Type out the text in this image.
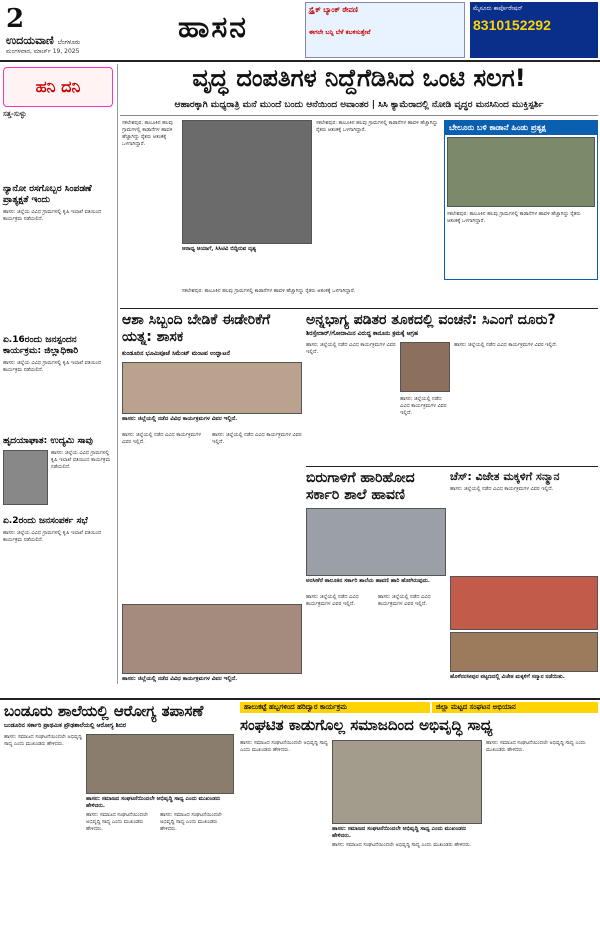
2
ಉದಯವಾಣಿ ಬೆಂಗಳೂರು
ಮಂಗಳವಾರ, ಮಾರ್ಚ್ 19, 2025
ಹಾಸನ	ಸ್ಟ್ರೈಕ್‌ ಬ್ಯಾಂಕ್ ಠೇವಣಿ
ಈಗಲೇ ಬನ್ನಿ ಬೆಳೆ ಕಬಳಿಸುತ್ತೇವೆ
ಮೈಸೂರು ಕಾರ್ಪೊರೇಷನ್
8310152292
ಹನಿ ದನಿ
ಸತ್ತ-ಸುಳ್ಳು
ನ್ಯಾನೋ ರಸಗೊಬ್ಬರ ಸಿಂಪಡಣೆ ಪ್ರಾತ್ಯಕ್ಷತೆ ಇಂದು
ಹಾಸನ: ಜಿಲ್ಲೆಯ ವಿವಿಧ ಗ್ರಾಮಗಳಲ್ಲಿ ಕೃಷಿ ಇಲಾಖೆ ವತಿಯಿಂದ ಕಾರ್ಯಕ್ರಮ ನಡೆಯಲಿದೆ.
ಏ.16ರಂದು ಜನಸ್ಪಂದನ ಕಾರ್ಯಕ್ರಮ: ಜಿಲ್ಲಾಧಿಕಾರಿ
ಹಾಸನ: ಜಿಲ್ಲೆಯ ವಿವಿಧ ಗ್ರಾಮಗಳಲ್ಲಿ ಕೃಷಿ ಇಲಾಖೆ ವತಿಯಿಂದ ಕಾರ್ಯಕ್ರಮ ನಡೆಯಲಿದೆ.
ಹೃದಯಾಘಾತ: ಉದ್ಯಮಿ ಸಾವು
ಹಾಸನ: ಜಿಲ್ಲೆಯ ವಿವಿಧ ಗ್ರಾಮಗಳಲ್ಲಿ ಕೃಷಿ ಇಲಾಖೆ ವತಿಯಿಂದ ಕಾರ್ಯಕ್ರಮ ನಡೆಯಲಿದೆ.
ಏ.2ರಂದು ಜನಸಂಪರ್ಕ ಸಭೆ
ಹಾಸನ: ಜಿಲ್ಲೆಯ ವಿವಿಧ ಗ್ರಾಮಗಳಲ್ಲಿ ಕೃಷಿ ಇಲಾಖೆ ವತಿಯಿಂದ ಕಾರ್ಯಕ್ರಮ ನಡೆಯಲಿದೆ.
ವೃದ್ಧ ದಂಪತಿಗಳ ನಿದ್ದೆಗೆಡಿಸಿದ ಒಂಟಿ ಸಲಗ!
ಆಹಾರಕ್ಕಾಗಿ ಮಧ್ಯರಾತ್ರಿ ಮನೆ ಮುಂದೆ ಬಂದು ಆನೆಯಿಂದ ಅವಾಂತರ | ಸಿಸಿ ಕ್ಯಾಮೆರಾದಲ್ಲಿ ನೋಡಿ ವೃದ್ಧರ ಮನಸಿನಿಂದ ಮುಕ್ತಿಸ್ಪರ್ಶಿ
ಸಕಲೇಶಪುರ: ತಾಲೂಕಿನ ಹಲವು ಗ್ರಾಮಗಳಲ್ಲಿ ಕಾಡಾನೆಗಳ ಹಾವಳಿ ಹೆಚ್ಚಾಗಿದ್ದು ರೈತರು ಆತಂಕಕ್ಕೆ ಒಳಗಾಗಿದ್ದಾರೆ.
ಸಕಲೇಶಪುರ: ತಾಲೂಕಿನ ಹಲವು ಗ್ರಾಮಗಳಲ್ಲಿ ಕಾಡಾನೆಗಳ ಹಾವಳಿ ಹೆಚ್ಚಾಗಿದ್ದು ರೈತರು ಆತಂಕಕ್ಕೆ ಒಳಗಾಗಿದ್ದಾರೆ.
ಆರಾಧ್ಯ ಆಯಾಗೆ, ಸಿಸಿಟಿವಿ ಬಿದ್ದಿರುವ ದೃಶ್ಯ
ಬೇಲೂರು ಬಳಿ ಕಾಡಾನೆ ಹಿಂಡು ಪ್ರತ್ಯಕ್ಷ
ಸಕಲೇಶಪುರ: ತಾಲೂಕಿನ ಹಲವು ಗ್ರಾಮಗಳಲ್ಲಿ ಕಾಡಾನೆಗಳ ಹಾವಳಿ ಹೆಚ್ಚಾಗಿದ್ದು ರೈತರು ಆತಂಕಕ್ಕೆ ಒಳಗಾಗಿದ್ದಾರೆ.
ಸಕಲೇಶಪುರ: ತಾಲೂಕಿನ ಹಲವು ಗ್ರಾಮಗಳಲ್ಲಿ ಕಾಡಾನೆಗಳ ಹಾವಳಿ ಹೆಚ್ಚಾಗಿದ್ದು ರೈತರು ಆತಂಕಕ್ಕೆ ಒಳಗಾಗಿದ್ದಾರೆ.
ಆಶಾ ಸಿಬ್ಬಂದಿ ಬೇಡಿಕೆ ಈಡೇರಿಕೆಗೆ ಯತ್ನ: ಶಾಸಕ
ಕುಂಡೂರಿನ ಭೂಮಿಪೂಜೆ ಸಿಮೆಂಟ್ ಮಂಟಪ ಉದ್ಘಾಟನೆ
ಹಾಸನ: ಜಿಲ್ಲೆಯಲ್ಲಿ ನಡೆದ ವಿವಿಧ ಕಾರ್ಯಕ್ರಮಗಳ ವಿವರ ಇಲ್ಲಿದೆ.
ಹಾಸನ: ಜಿಲ್ಲೆಯಲ್ಲಿ ನಡೆದ ವಿವಿಧ ಕಾರ್ಯಕ್ರಮಗಳ ವಿವರ ಇಲ್ಲಿದೆ.
ಹಾಸನ: ಜಿಲ್ಲೆಯಲ್ಲಿ ನಡೆದ ವಿವಿಧ ಕಾರ್ಯಕ್ರಮಗಳ ವಿವರ ಇಲ್ಲಿದೆ.
ಹಾಸನ: ಜಿಲ್ಲೆಯಲ್ಲಿ ನಡೆದ ವಿವಿಧ ಕಾರ್ಯಕ್ರಮಗಳ ವಿವರ ಇಲ್ಲಿದೆ.
ಅನ್ನಭಾಗ್ಯ ಪಡಿತರ ತೂಕದಲ್ಲಿ ವಂಚನೆ: ಸಿಎಂಗೆ ದೂರು?
ಶಿರಸ್ತೇದಾರ್/ಗೋದಾಮಿನ ವಿರುದ್ಧ ಕಾನೂನು ಕ್ರಮಕ್ಕೆ ಆಗ್ರಹ
ಹಾಸನ: ಜಿಲ್ಲೆಯಲ್ಲಿ ನಡೆದ ವಿವಿಧ ಕಾರ್ಯಕ್ರಮಗಳ ವಿವರ ಇಲ್ಲಿದೆ.
ಹಾಸನ: ಜಿಲ್ಲೆಯಲ್ಲಿ ನಡೆದ ವಿವಿಧ ಕಾರ್ಯಕ್ರಮಗಳ ವಿವರ ಇಲ್ಲಿದೆ.
ಹಾಸನ: ಜಿಲ್ಲೆಯಲ್ಲಿ ನಡೆದ ವಿವಿಧ ಕಾರ್ಯಕ್ರಮಗಳ ವಿವರ ಇಲ್ಲಿದೆ.
ಬಿರುಗಾಳಿಗೆ ಹಾರಿಹೋದ ಸರ್ಕಾರಿ ಶಾಲೆ ಹಾವಣಿ
ಅರಸೀಕೆರೆ ತಾಲೂಕಿನ ಸರ್ಕಾರಿ ಶಾಲೆಯ ಹಾವಣಿ ಹಾರಿ ಹೋಗಿರುವುದು.
ಹಾಸನ: ಜಿಲ್ಲೆಯಲ್ಲಿ ನಡೆದ ವಿವಿಧ ಕಾರ್ಯಕ್ರಮಗಳ ವಿವರ ಇಲ್ಲಿದೆ.
ಹಾಸನ: ಜಿಲ್ಲೆಯಲ್ಲಿ ನಡೆದ ವಿವಿಧ ಕಾರ್ಯಕ್ರಮಗಳ ವಿವರ ಇಲ್ಲಿದೆ.
ಚೆಸ್: ವಿಜೇತ ಮಕ್ಕಳಿಗೆ ಸನ್ಮಾನ
ಹಾಸನ: ಜಿಲ್ಲೆಯಲ್ಲಿ ನಡೆದ ವಿವಿಧ ಕಾರ್ಯಕ್ರಮಗಳ ವಿವರ ಇಲ್ಲಿದೆ.
ಹೊಳೆನರಸೀಪುರ ಪಟ್ಟಣದಲ್ಲಿ ವಿಜೇತ ಮಕ್ಕಳಿಗೆ ಸನ್ಮಾನ ನಡೆಯಿತು.
ಬಂಡೂರು ಶಾಲೆಯಲ್ಲಿ ಆರೋಗ್ಯ ತಪಾಸಣೆ
ಬಂಡೂರಿನ ಸರ್ಕಾರಿ ಪ್ರಾಥಮಿಕ ಪ್ರೌಢಶಾಲೆಯಲ್ಲಿ ಆರೋಗ್ಯ ಶಿಬಿರ
ಹಾಸನ: ಸಮಾಜದ ಸಂಘಟನೆಯಿಂದಲೇ ಅಭಿವೃದ್ಧಿ ಸಾಧ್ಯ ಎಂದು ಮುಖಂಡರು ಹೇಳಿದರು.
ಹಾಸನ: ಸಮಾಜದ ಸಂಘಟನೆಯಿಂದಲೇ ಅಭಿವೃದ್ಧಿ ಸಾಧ್ಯ ಎಂದು ಮುಖಂಡರು ಹೇಳಿದರು.
ಹಾಸನ: ಸಮಾಜದ ಸಂಘಟನೆಯಿಂದಲೇ ಅಭಿವೃದ್ಧಿ ಸಾಧ್ಯ ಎಂದು ಮುಖಂಡರು ಹೇಳಿದರು.
ಹಾಸನ: ಸಮಾಜದ ಸಂಘಟನೆಯಿಂದಲೇ ಅಭಿವೃದ್ಧಿ ಸಾಧ್ಯ ಎಂದು ಮುಖಂಡರು ಹೇಳಿದರು.
ಹಾಲುಕಟ್ಟೆ ಹಬ್ಬಗಳಿಂದ ಹರಿದ್ವಾರ ಕಾರ್ಯಕ್ರಮ	ಜಿಲ್ಲಾ ಮಟ್ಟದ ಸಂಘಟನ ಅಭಿಯಾನ
ಸಂಘಟಿತ ಕಾಡುಗೊಲ್ಲ ಸಮಾಜದಿಂದ ಅಭಿವೃದ್ಧಿ ಸಾಧ್ಯ
ಹಾಸನ: ಸಮಾಜದ ಸಂಘಟನೆಯಿಂದಲೇ ಅಭಿವೃದ್ಧಿ ಸಾಧ್ಯ ಎಂದು ಮುಖಂಡರು ಹೇಳಿದರು.
ಹಾಸನ: ಸಮಾಜದ ಸಂಘಟನೆಯಿಂದಲೇ ಅಭಿವೃದ್ಧಿ ಸಾಧ್ಯ ಎಂದು ಮುಖಂಡರು ಹೇಳಿದರು.
ಹಾಸನ: ಸಮಾಜದ ಸಂಘಟನೆಯಿಂದಲೇ ಅಭಿವೃದ್ಧಿ ಸಾಧ್ಯ ಎಂದು ಮುಖಂಡರು ಹೇಳಿದರು.
ಹಾಸನ: ಸಮಾಜದ ಸಂಘಟನೆಯಿಂದಲೇ ಅಭಿವೃದ್ಧಿ ಸಾಧ್ಯ ಎಂದು ಮುಖಂಡರು ಹೇಳಿದರು.
